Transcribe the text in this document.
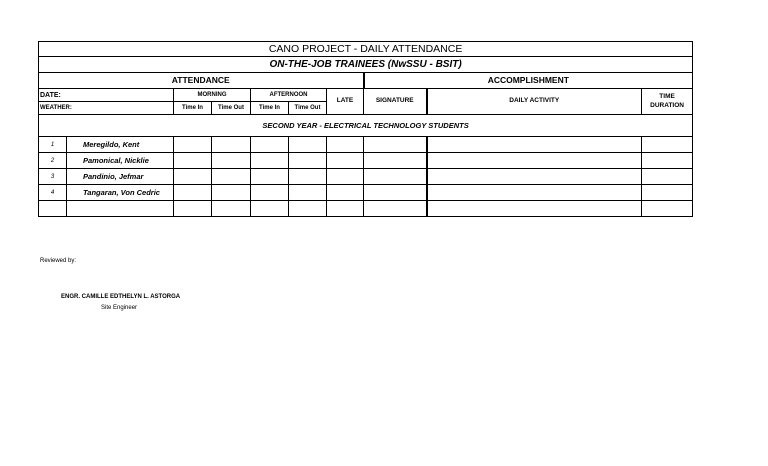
CANO PROJECT - DAILY ATTENDANCE									
ON-THE-JOB TRAINEES (NwSSU - BSIT)									
ATTENDANCE							ACCOMPLISHMENT		
DATE:		MORNING		AFTERNOON		LATE	SIGNATURE	DAILY ACTIVITY	TIME
DURATION

WEATHER:		Time In	Time Out	Time In	Time Out				
SECOND YEAR - ELECTRICAL TECHNOLOGY STUDENTS									
1	Meregildo, Kent								
2	Pamonical, Nicklie								
3	Pandinio, Jefmar								
4	Tangaran, Von Cedric								

Reviewed by:
ENGR. CAMILLE EDTHELYN L. ASTORGA
Site Engineer
